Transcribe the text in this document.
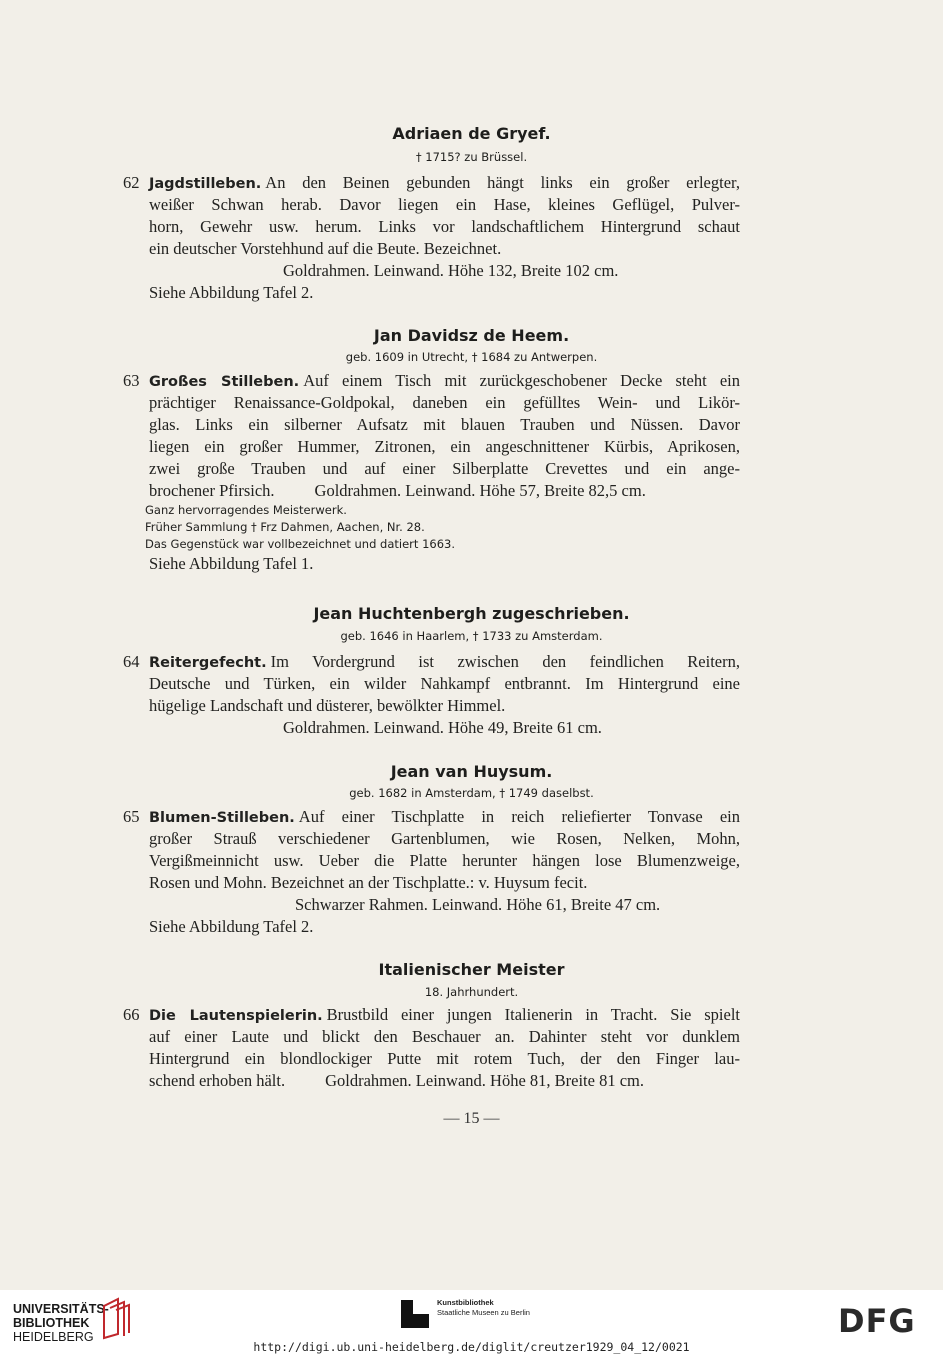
Adriaen de Gryef.
† 1715? zu Brüssel.
62 Jagdstilleben. An den Beinen gebunden hängt links ein großer erlegter,
weißer Schwan herab. Davor liegen ein Hase, kleines Geflügel, Pulver-
horn, Gewehr usw. herum. Links vor landschaftlichem Hintergrund schaut
ein deutscher Vorstehhund auf die Beute. Bezeichnet.
Goldrahmen. Leinwand. Höhe 132, Breite 102 cm.
Siehe Abbildung Tafel 2.
Jan Davidsz de Heem.
geb. 1609 in Utrecht, † 1684 zu Antwerpen.
63 Großes Stilleben. Auf einem Tisch mit zurückgeschobener Decke steht ein
prächtiger Renaissance-Goldpokal, daneben ein gefülltes Wein- und Likör-
glas. Links ein silberner Aufsatz mit blauen Trauben und Nüssen. Davor
liegen ein großer Hummer, Zitronen, ein angeschnittener Kürbis, Aprikosen,
zwei große Trauben und auf einer Silberplatte Crevettes und ein ange-
brochener Pfirsich. Goldrahmen. Leinwand. Höhe 57, Breite 82,5 cm.
Ganz hervorragendes Meisterwerk.
Früher Sammlung † Frz Dahmen, Aachen, Nr. 28.
Das Gegenstück war vollbezeichnet und datiert 1663.
Siehe Abbildung Tafel 1.
Jean Huchtenbergh zugeschrieben.
geb. 1646 in Haarlem, † 1733 zu Amsterdam.
64 Reitergefecht. Im Vordergrund ist zwischen den feindlichen Reitern,
Deutsche und Türken, ein wilder Nahkampf entbrannt. Im Hintergrund eine
hügelige Landschaft und düsterer, bewölkter Himmel.
Goldrahmen. Leinwand. Höhe 49, Breite 61 cm.
Jean van Huysum.
geb. 1682 in Amsterdam, † 1749 daselbst.
65 Blumen-Stilleben. Auf einer Tischplatte in reich reliefierter Tonvase ein
großer Strauß verschiedener Gartenblumen, wie Rosen, Nelken, Mohn,
Vergißmeinnicht usw. Ueber die Platte herunter hängen lose Blumenzweige,
Rosen und Mohn. Bezeichnet an der Tischplatte.: v. Huysum fecit.
Schwarzer Rahmen. Leinwand. Höhe 61, Breite 47 cm.
Siehe Abbildung Tafel 2.
Italienischer Meister
18. Jahrhundert.
66 Die Lautenspielerin. Brustbild einer jungen Italienerin in Tracht. Sie spielt
auf einer Laute und blickt den Beschauer an. Dahinter steht vor dunklem
Hintergrund ein blondlockiger Putte mit rotem Tuch, der den Finger lau-
schend erhoben hält. Goldrahmen. Leinwand. Höhe 81, Breite 81 cm.
— 15 —
UNIVERSITÄTS-
BIBLIOTHEK
HEIDELBERG
Kunstbibliothek
Staatliche Museen zu Berlin	DFG
http://digi.ub.uni-heidelberg.de/diglit/creutzer1929_04_12/0021
